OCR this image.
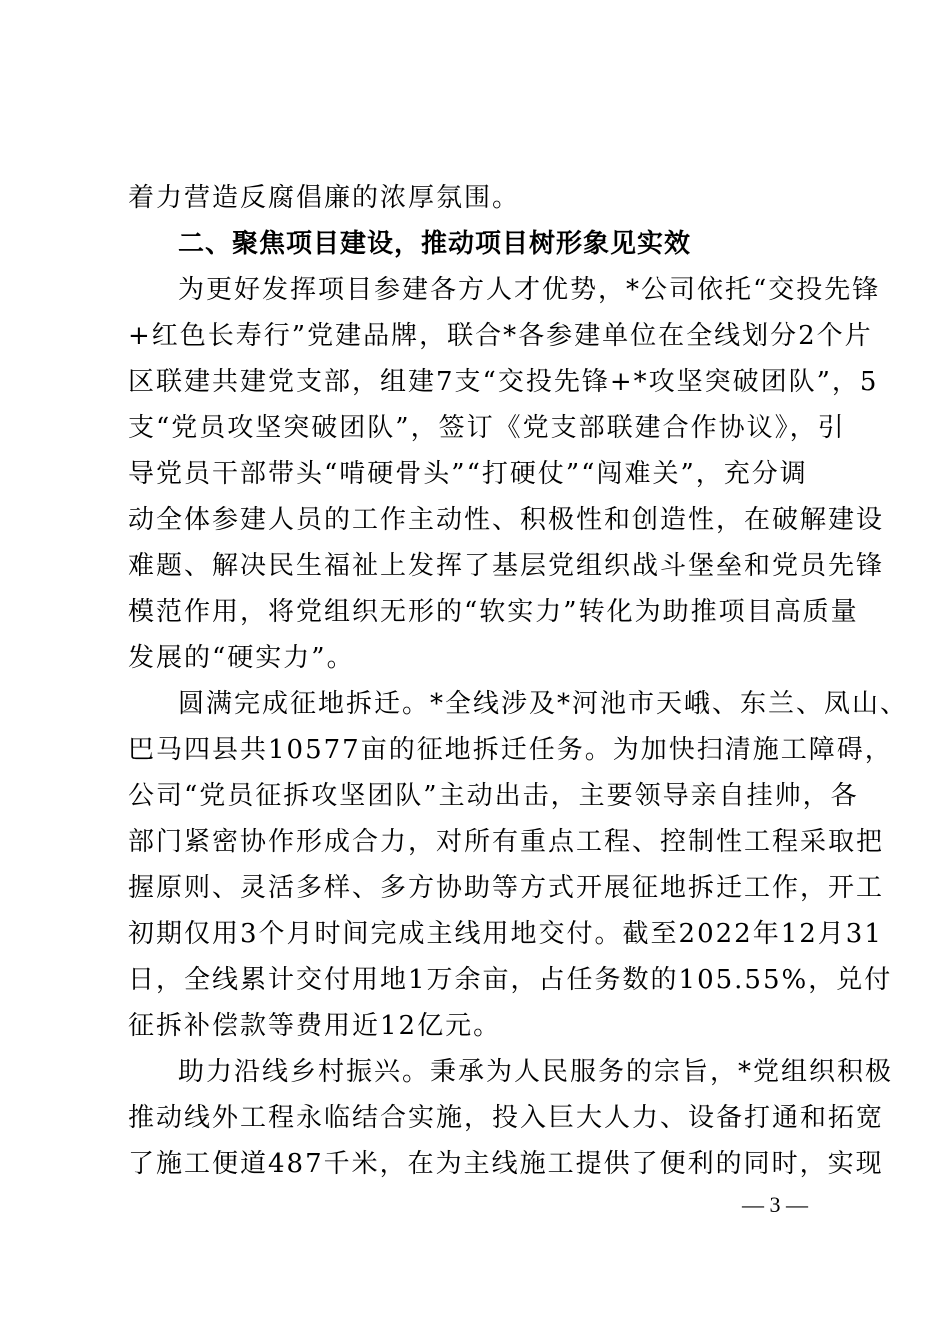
着力营造反腐倡廉的浓厚氛围。
二、聚焦项目建设，推动项目树形象见实效
为更好发挥项目参建各方人才优势，*公司依托“交投先锋
+红色长寿行”党建品牌，联合*各参建单位在全线划分2个片
区联建共建党支部，组建7支“交投先锋+*攻坚突破团队”，5
支“党员攻坚突破团队”，签订《党支部联建合作协议》，引
导党员干部带头“啃硬骨头”“打硬仗”“闯难关”，充分调
动全体参建人员的工作主动性、积极性和创造性，在破解建设
难题、解决民生福祉上发挥了基层党组织战斗堡垒和党员先锋
模范作用，将党组织无形的“软实力”转化为助推项目高质量
发展的“硬实力”。
圆满完成征地拆迁。*全线涉及*河池市天峨、东兰、凤山、
巴马四县共10577亩的征地拆迁任务。为加快扫清施工障碍，
公司“党员征拆攻坚团队”主动出击，主要领导亲自挂帅，各
部门紧密协作形成合力，对所有重点工程、控制性工程采取把
握原则、灵活多样、多方协助等方式开展征地拆迁工作，开工
初期仅用3个月时间完成主线用地交付。截至2022年12月31
日，全线累计交付用地1万余亩，占任务数的105.55%，兑付
征拆补偿款等费用近12亿元。
助力沿线乡村振兴。秉承为人民服务的宗旨，*党组织积极
推动线外工程永临结合实施，投入巨大人力、设备打通和拓宽
了施工便道487千米，在为主线施工提供了便利的同时，实现
— 3 —
